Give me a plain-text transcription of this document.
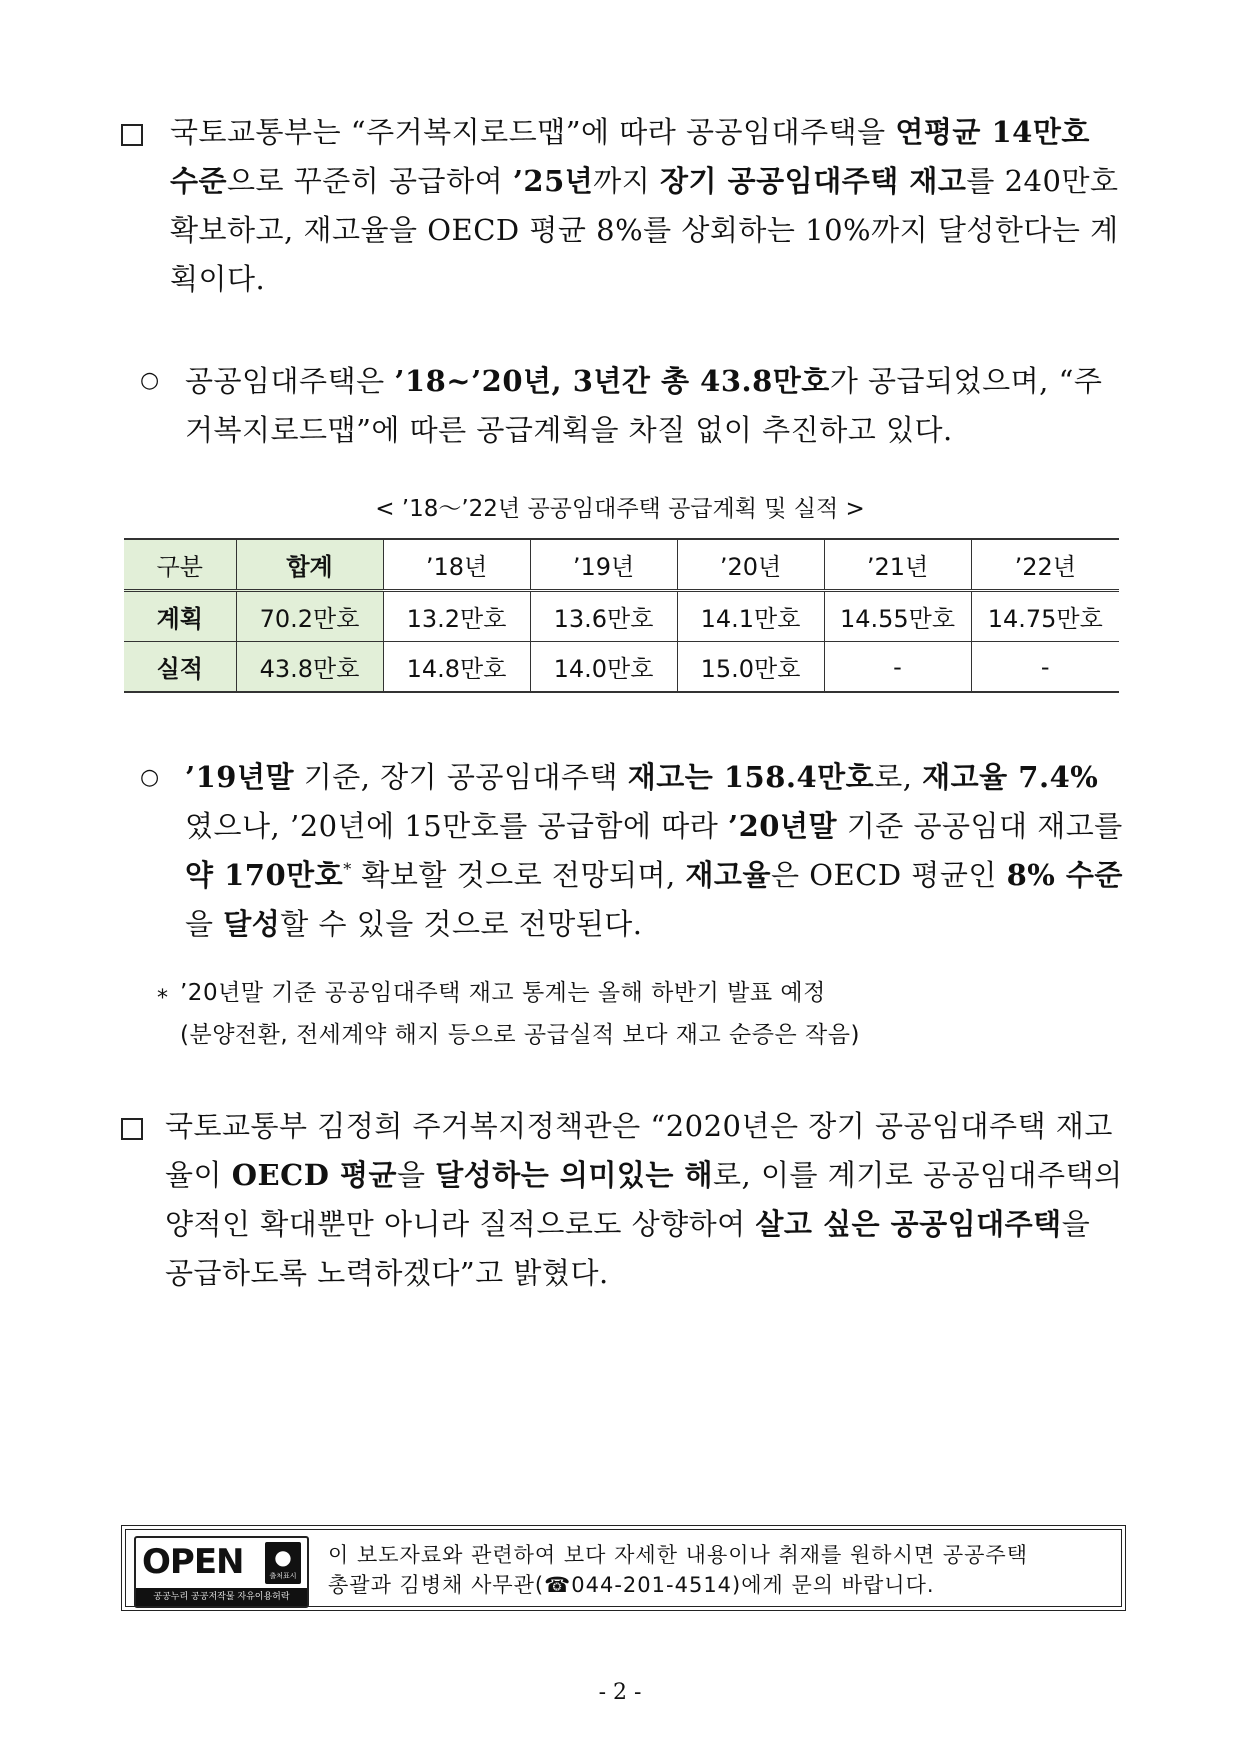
국토교통부는 “주거복지로드맵”에 따라 공공임대주택을 연평균 14만호 수준으로 꾸준히 공급하여 ’25년까지 장기 공공임대주택 재고를 240만호 확보하고, 재고율을 OECD 평균 8%를 상회하는 10%까지 달성한다는 계획이다.
○ 공공임대주택은 ’18~’20년, 3년간 총 43.8만호가 공급되었으며, “주거복지로드맵”에 따른 공급계획을 차질 없이 추진하고 있다.
< ’18～’22년 공공임대주택 공급계획 및 실적 >
구분	합계	’18년	’19년	’20년	’21년	’22년
계획	70.2만호	13.2만호	13.6만호	14.1만호	14.55만호	14.75만호
실적	43.8만호	14.8만호	14.0만호	15.0만호	-	-
○ ’19년말 기준, 장기 공공임대주택 재고는 158.4만호로, 재고율 7.4%였으나, ’20년에 15만호를 공급함에 따라 ’20년말 기준 공공임대 재고를 약 170만호* 확보할 것으로 전망되며, 재고율은 OECD 평균인 8% 수준을 달성할 수 있을 것으로 전망된다.
* ’20년말 기준 공공임대주택 재고 통계는 올해 하반기 발표 예정
(분양전환, 전세계약 해지 등으로 공급실적 보다 재고 순증은 작음)
국토교통부 김정희 주거복지정책관은 “2020년은 장기 공공임대주택 재고율이 OECD 평균을 달성하는 의미있는 해로, 이를 계기로 공공임대주택의 양적인 확대뿐만 아니라 질적으로도 상향하여 살고 싶은 공공임대주택을 공급하도록 노력하겠다”고 밝혔다.
OPEN	●
출처표시
공공누리 공공저작물 자유이용허락
이 보도자료와 관련하여 보다 자세한 내용이나 취재를 원하시면 공공주택
총괄과 김병채 사무관(☎044-201-4514)에게 문의 바랍니다.
- 2 -
